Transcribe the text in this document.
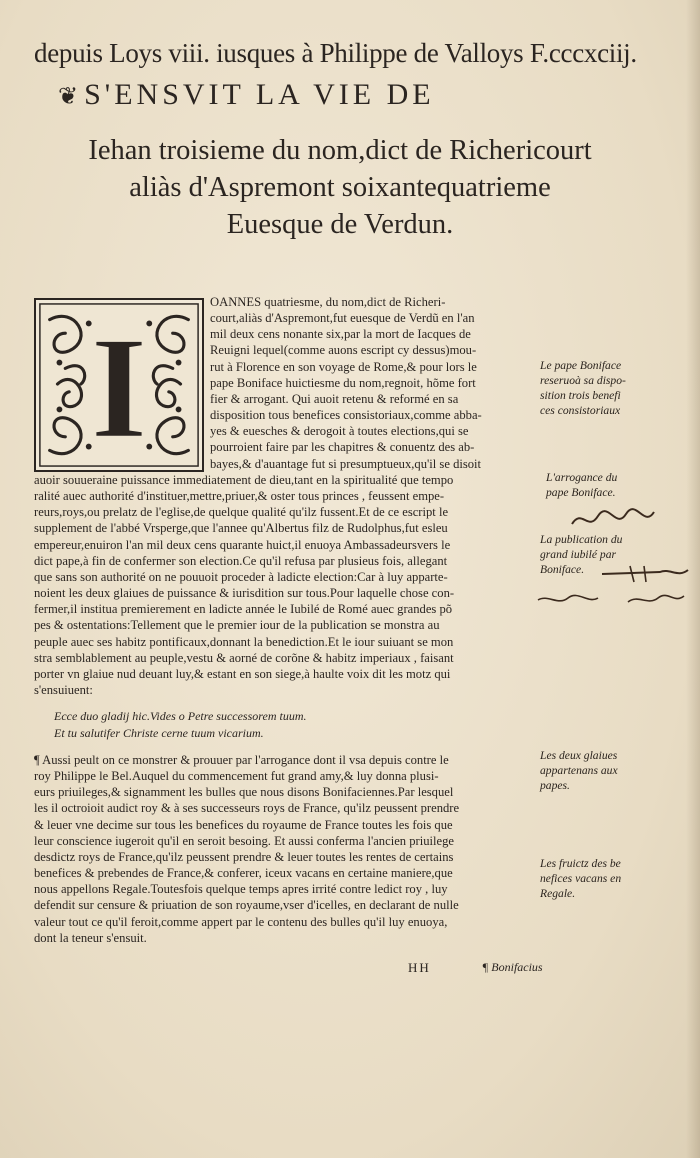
depuis Loys viii. iusques à Philippe de Valloys F.cccxciij.
❦ S'ENSVIT LA VIE DE
Iehan troisieme du nom,dict de Richericourt
aliàs d'Aspremont soixantequatrieme
Euesque de Verdun.
I
OANNES quatriesme, du nom,dict de Richeri-
court,aliàs d'Aspremont,fut euesque de Verdũ en l'an
mil deux cens nonante six,par la mort de Iacques de
Reuigni lequel(comme auons escript cy dessus)mou-
rut à Florence en son voyage de Rome,& pour lors le
pape Boniface huictiesme du nom,regnoit, hõme fort
fier & arrogant. Qui auoit retenu & reformé en sa
disposition tous benefices consistoriaux,comme abba-
yes & euesches & derogoit à toutes elections,qui se
pourroient faire par les chapitres & conuentz des ab-
bayes,& d'auantage fut si presumptueux,qu'il se disoit
auoir souueraine puissance immediatement de dieu,tant en la spiritualité que tempo
ralité auec authorité d'instituer,mettre,priuer,& oster tous princes , feussent empe-
reurs,roys,ou prelatz de l'eglise,de quelque qualité qu'ilz fussent.Et de ce escript le
supplement de l'abbé Vrsperge,que l'annee qu'Albertus filz de Rudolphus,fut esleu
empereur,enuiron l'an mil deux cens quarante huict,il enuoya Ambassadeursvers le
dict pape,à fin de confermer son election.Ce qu'il refusa par plusieus fois, allegant
que sans son authorité on ne pouuoit proceder à ladicte election:Car à luy apparte-
noient les deux glaiues de puissance & iurisdition sur tous.Pour laquelle chose con-
fermer,il institua premierement en ladicte année le Iubilé de Romé auec grandes põ
pes & ostentations:Tellement que le premier iour de la publication se monstra au
peuple auec ses habitz pontificaux,donnant la benediction.Et le iour suiuant se mon
stra semblablement au peuple,vestu & aorné de corõne & habitz imperiaux , faisant
porter vn glaiue nud deuant luy,& estant en son siege,à haulte voix dit les motz qui
s'ensuiuent:
Ecce duo gladij hic.Vides o Petre successorem tuum.
Et tu salutifer Christe cerne tuum vicarium.
¶ Aussi peult on ce monstrer & prouuer par l'arrogance dont il vsa depuis contre le
roy Philippe le Bel.Auquel du commencement fut grand amy,& luy donna plusi-
eurs priuileges,& signamment les bulles que nous disons Bonifaciennes.Par lesquel
les il octroioit audict roy & à ses successeurs roys de France, qu'ilz peussent prendre
& leuer vne decime sur tous les benefices du royaume de France toutes les fois que
leur conscience iugeroit qu'il en seroit besoing. Et aussi conferma l'ancien priuilege
desdictz roys de France,qu'ilz peussent prendre & leuer toutes les rentes de certains
benefices & prebendes de France,& conferer, iceux vacans en certaine maniere,que
nous appellons Regale.Toutesfois quelque temps apres irrité contre ledict roy , luy
defendit sur censure & priuation de son royaume,vser d'icelles, en declarant de nulle
valeur tout ce qu'il feroit,comme appert par le contenu des bulles qu'il luy enuoya,
dont la teneur s'ensuit.
Le pape Boniface
reseruoà sa dispo-
sition trois benefi
ces consistoriaux
L'arrogance du
pape Boniface.
La publication du
grand iubilé par
Boniface.
Les deux glaiues
appartenans aux
papes.
Les fruictz des be
nefices vacans en
Regale.
HH	¶ Bonifacius
